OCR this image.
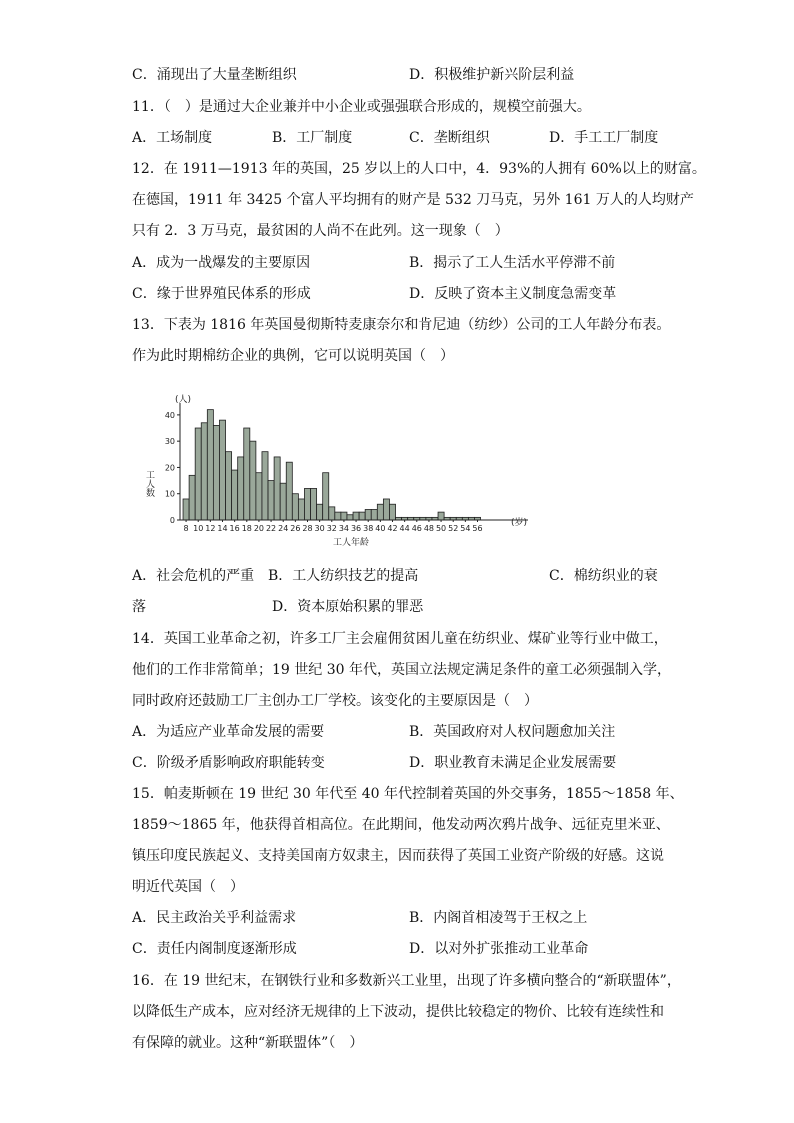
C．涌现出了大量垄断组织	D．积极维护新兴阶层利益
11．（　）是通过大企业兼并中小企业或强强联合形成的，规模空前强大。
A．工场制度	B．工厂制度	C．垄断组织	D．手工工厂制度
12．在 1911—1913 年的英国，25 岁以上的人口中，4．93%的人拥有 60%以上的财富。
在德国，1911 年 3425 个富人平均拥有的财产是 532 刀马克，另外 161 万人的人均财产
只有 2．3 万马克，最贫困的人尚不在此列。这一现象（　）
A．成为一战爆发的主要原因	B．揭示了工人生活水平停滞不前
C．缘于世界殖民体系的形成	D．反映了资本主义制度急需变革
13．下表为 1816 年英国曼彻斯特麦康奈尔和肯尼迪（纺纱）公司的工人年龄分布表。
作为此时期棉纺企业的典例，它可以说明英国（　）
(人)
(岁)
工人年龄
工人数
0
10
20
30
40
8 10 12 14 16 18 20 22 24 26 28 30 32 34 36 38 40 42 44 46 48 50 52 54 56
A．社会危机的严重 B．工人纺织技艺的提高	C．棉纺织业的衰
落	D．资本原始积累的罪恶
14．英国工业革命之初，许多工厂主会雇佣贫困儿童在纺织业、煤矿业等行业中做工，
他们的工作非常简单；19 世纪 30 年代，英国立法规定满足条件的童工必须强制入学，
同时政府还鼓励工厂主创办工厂学校。该变化的主要原因是（　）
A．为适应产业革命发展的需要	B．英国政府对人权问题愈加关注
C．阶级矛盾影响政府职能转变	D．职业教育未满足企业发展需要
15．帕麦斯顿在 19 世纪 30 年代至 40 年代控制着英国的外交事务，1855～1858 年、
1859～1865 年，他获得首相高位。在此期间，他发动两次鸦片战争、远征克里米亚、
镇压印度民族起义、支持美国南方奴隶主，因而获得了英国工业资产阶级的好感。这说
明近代英国（　）
A．民主政治关乎利益需求	B．内阁首相凌驾于王权之上
C．责任内阁制度逐渐形成	D．以对外扩张推动工业革命
16．在 19 世纪末，在钢铁行业和多数新兴工业里，出现了许多横向整合的“新联盟体”，
以降低生产成本，应对经济无规律的上下波动，提供比较稳定的物价、比较有连续性和
有保障的就业。这种“新联盟体”（　）
